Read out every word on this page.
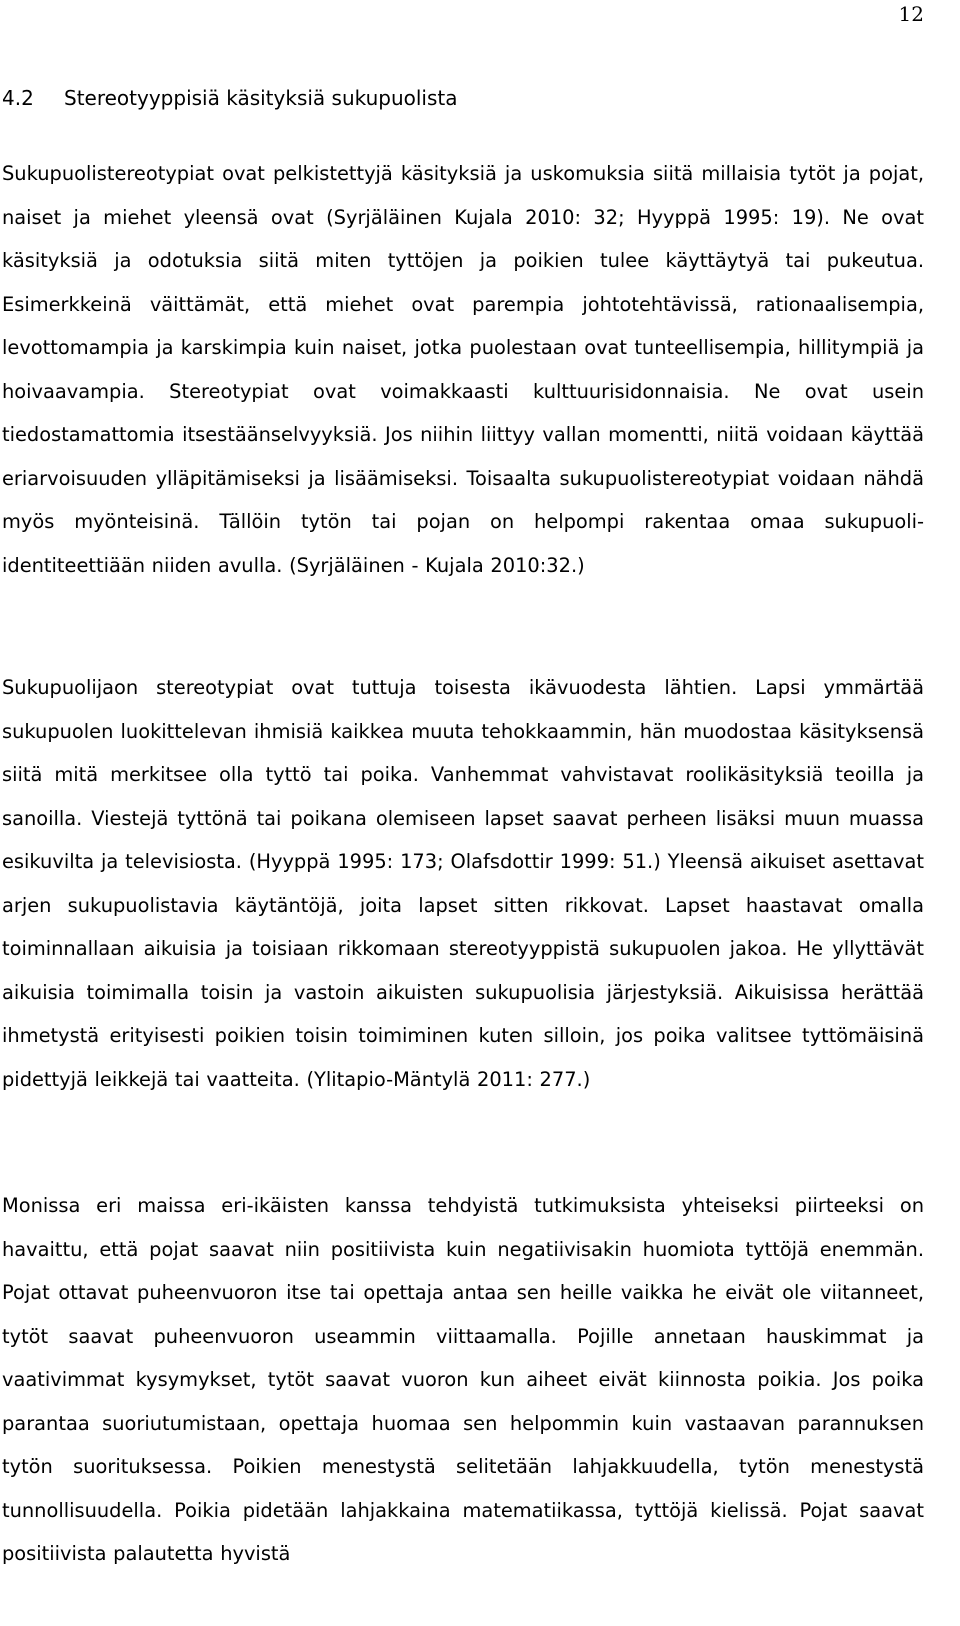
12
4.2 Stereotyyppisiä käsityksiä sukupuolista

Sukupuolistereotypiat ovat pelkistettyjä käsityksiä ja uskomuksia siitä millaisia tytöt ja pojat, naiset ja miehet yleensä ovat (Syrjäläinen Kujala 2010: 32; Hyyppä 1995: 19). Ne ovat käsityksiä ja odotuksia siitä miten tyttöjen ja poikien tulee käyttäytyä tai pukeutua. Esimerkkeinä väittämät, että miehet ovat parempia johtotehtävissä, rationaalisempia, levottomampia ja karskimpia kuin naiset, jotka puolestaan ovat tunteellisempia, hillitympiä ja hoivaavampia. Stereotypiat ovat voimakkaasti kulttuurisidonnaisia. Ne ovat usein tiedostamattomia itsestäänselvyyksiä. Jos niihin liittyy vallan momentti, niitä voidaan käyttää eriarvoisuuden ylläpitämiseksi ja lisäämiseksi. Toisaalta sukupuolistereotypiat voidaan nähdä myös myönteisinä. Tällöin tytön tai pojan on helpompi rakentaa omaa sukupuoli-identiteettiään niiden avulla. (Syrjäläinen - Kujala 2010:32.)

Sukupuolijaon stereotypiat ovat tuttuja toisesta ikävuodesta lähtien. Lapsi ymmärtää sukupuolen luokittelevan ihmisiä kaikkea muuta tehokkaammin, hän muodostaa käsityksensä siitä mitä merkitsee olla tyttö tai poika. Vanhemmat vahvistavat roolikäsityksiä teoilla ja sanoilla. Viestejä tyttönä tai poikana olemiseen lapset saavat perheen lisäksi muun muassa esikuvilta ja televisiosta. (Hyyppä 1995: 173; Olafsdottir 1999: 51.) Yleensä aikuiset asettavat arjen sukupuolistavia käytäntöjä, joita lapset sitten rikkovat. Lapset haastavat omalla toiminnallaan aikuisia ja toisiaan rikkomaan stereotyyppistä sukupuolen jakoa. He yllyttävät aikuisia toimimalla toisin ja vastoin aikuisten sukupuolisia järjestyksiä. Aikuisissa herättää ihmetystä erityisesti poikien toisin toimiminen kuten silloin, jos poika valitsee tyttömäisinä pidettyjä leikkejä tai vaatteita. (Ylitapio-Mäntylä 2011: 277.)

Monissa eri maissa eri-ikäisten kanssa tehdyistä tutkimuksista yhteiseksi piirteeksi on havaittu, että pojat saavat niin positiivista kuin negatiivisakin huomiota tyttöjä enemmän. Pojat ottavat puheenvuoron itse tai opettaja antaa sen heille vaikka he eivät ole viitanneet, tytöt saavat puheenvuoron useammin viittaamalla. Pojille annetaan hauskimmat ja vaativimmat kysymykset, tytöt saavat vuoron kun aiheet eivät kiinnosta poikia. Jos poika parantaa suoriutumistaan, opettaja huomaa sen helpommin kuin vastaavan parannuksen tytön suorituksessa. Poikien menestystä selitetään lahjakkuudella, tytön menestystä tunnollisuudella. Poikia pidetään lahjakkaina matematiikassa, tyttöjä kielissä. Pojat saavat positiivista palautetta hyvistä
